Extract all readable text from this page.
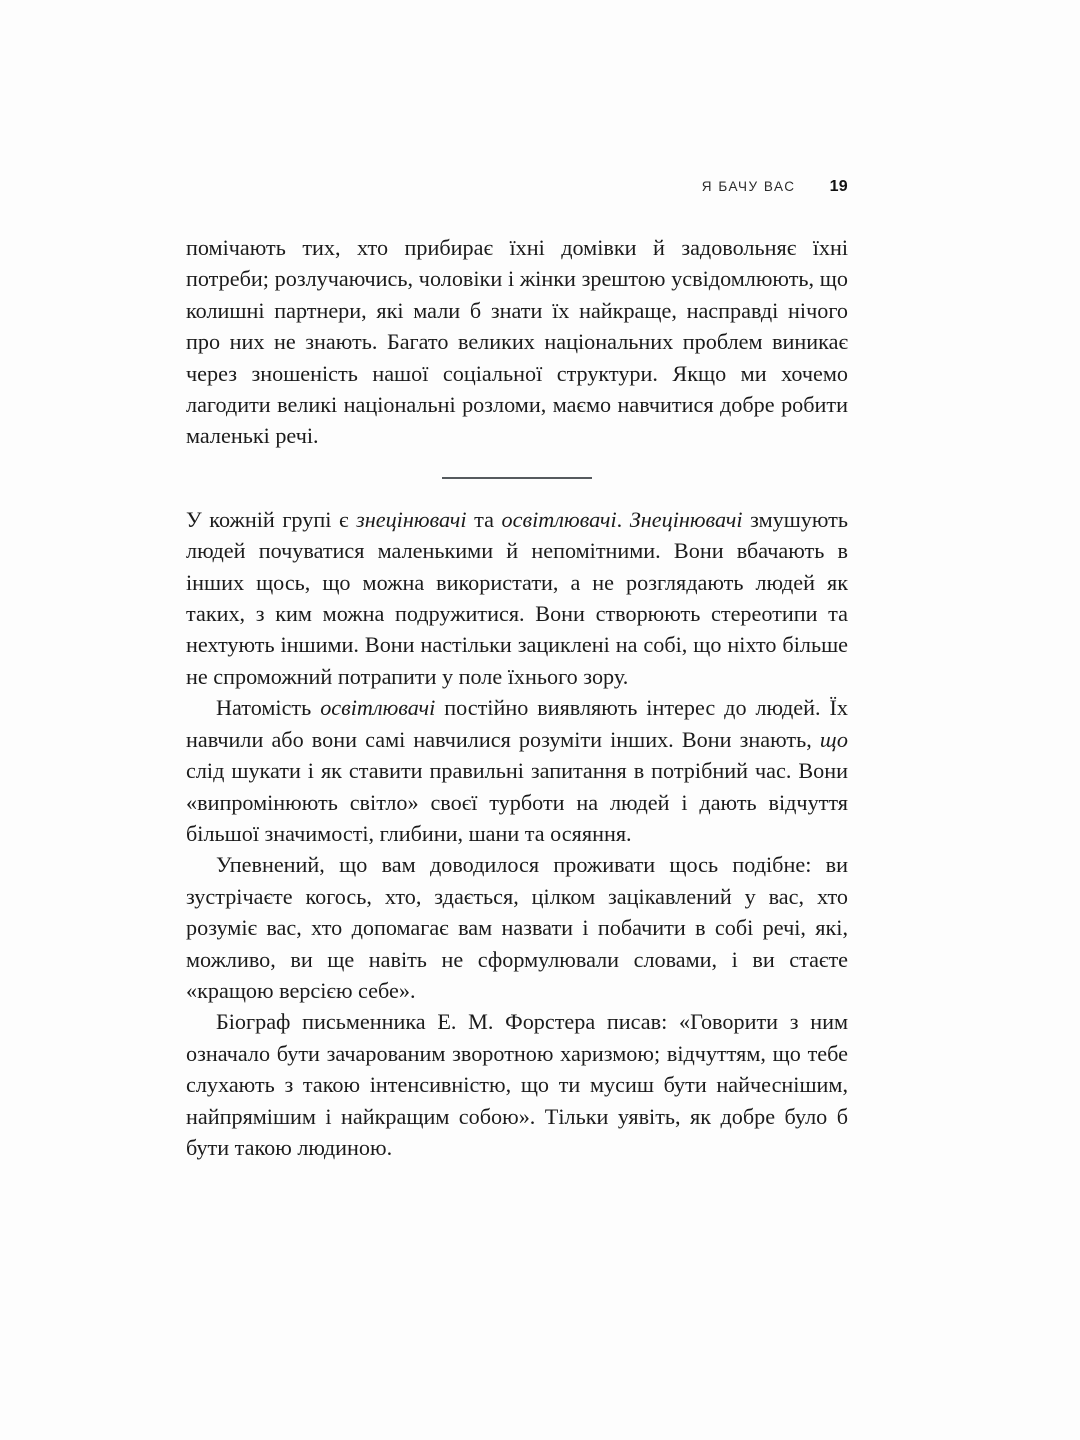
Я БАЧУ ВАС 19

помічають тих, хто прибирає їхні домівки й задовольняє їхні потреби; розлучаючись, чоловіки і жінки зрештою усвідомлюють, що колишні партнери, які мали б знати їх найкраще, насправді нічого про них не знають. Багато великих національних проблем виникає через зношеність нашої соціальної структури. Якщо ми хочемо лагодити великі національні розломи, маємо навчитися добре робити маленькі речі.

У кожній групі є знецінювачі та освітлювачі. Знецінювачі змушують людей почуватися маленькими й непомітними. Вони вбачають в інших щось, що можна використати, а не розглядають людей як таких, з ким можна подружитися. Вони створюють стереотипи та нехтують іншими. Вони настільки зациклені на собі, що ніхто більше не спроможний потрапити у поле їхнього зору.

Натомість освітлювачі постійно виявляють інтерес до людей. Їх навчили або вони самі навчилися розуміти інших. Вони знають, що слід шукати і як ставити правильні запитання в потрібний час. Вони «випромінюють світло» своєї турботи на людей і дають відчуття більшої значимості, глибини, шани та осяяння.

Упевнений, що вам доводилося проживати щось подібне: ви зустрічаєте когось, хто, здається, цілком зацікавлений у вас, хто розуміє вас, хто допомагає вам назвати і побачити в собі речі, які, можливо, ви ще навіть не сформулювали словами, і ви стаєте «кращою версією себе».

Біограф письменника Е. М. Форстера писав: «Говорити з ним означало бути зачарованим зворотною харизмою; відчуттям, що тебе слухають з такою інтенсивністю, що ти мусиш бути найчеснішим, найпрямішим і найкращим собою». Тільки уявіть, як добре було б бути такою людиною.
